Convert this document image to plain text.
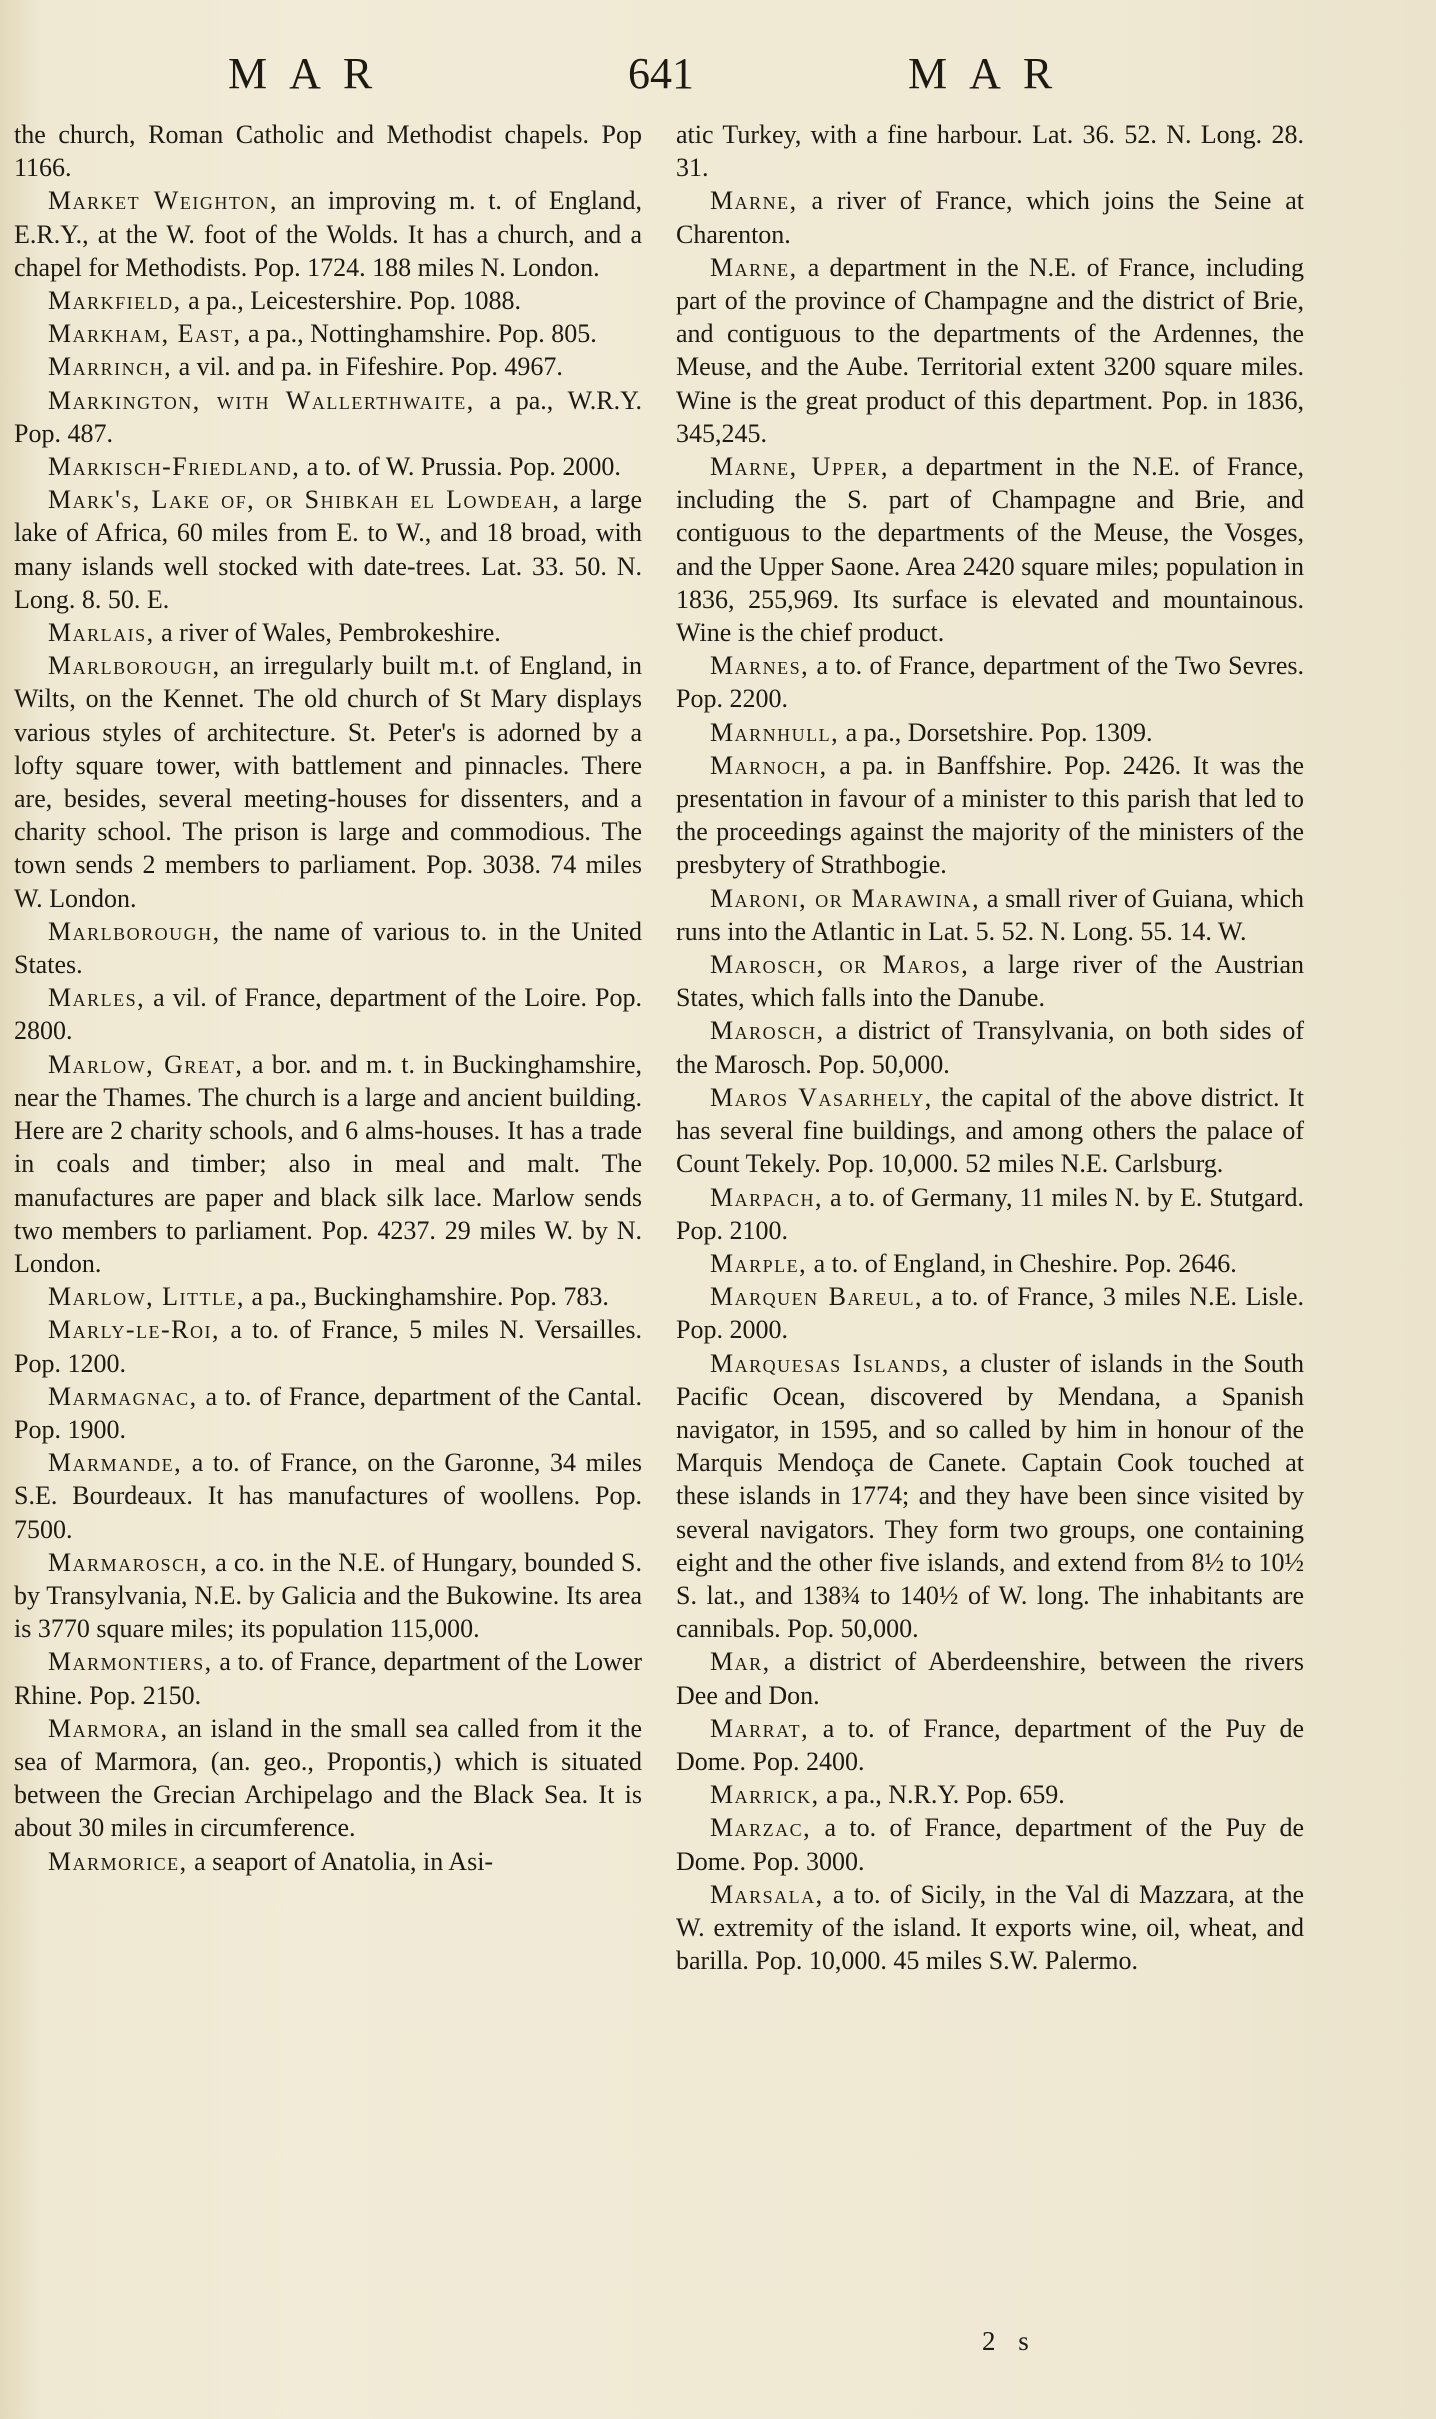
MAR	641	MAR

the church, Roman Catholic and Methodist chapels. Pop 1166.

Market Weighton, an improving m. t. of England, E.R.Y., at the W. foot of the Wolds. It has a church, and a chapel for Methodists. Pop. 1724. 188 miles N. London.

Markfield, a pa., Leicestershire. Pop. 1088.

Markham, East, a pa., Nottinghamshire. Pop. 805.

Marrinch, a vil. and pa. in Fifeshire. Pop. 4967.

Markington, with Wallerthwaite, a pa., W.R.Y. Pop. 487.

Markisch-Friedland, a to. of W. Prussia. Pop. 2000.

Mark's, Lake of, or Shibkah el Lowdeah, a large lake of Africa, 60 miles from E. to W., and 18 broad, with many islands well stocked with date-trees. Lat. 33. 50. N. Long. 8. 50. E.

Marlais, a river of Wales, Pembrokeshire.

Marlborough, an irregularly built m.t. of England, in Wilts, on the Kennet. The old church of St Mary displays various styles of architecture. St. Peter's is adorned by a lofty square tower, with battlement and pinnacles. There are, besides, several meeting-houses for dissenters, and a charity school. The prison is large and commodious. The town sends 2 members to parliament. Pop. 3038. 74 miles W. London.

Marlborough, the name of various to. in the United States.

Marles, a vil. of France, department of the Loire. Pop. 2800.

Marlow, Great, a bor. and m. t. in Buckinghamshire, near the Thames. The church is a large and ancient building. Here are 2 charity schools, and 6 alms-houses. It has a trade in coals and timber; also in meal and malt. The manufactures are paper and black silk lace. Marlow sends two members to parliament. Pop. 4237. 29 miles W. by N. London.

Marlow, Little, a pa., Buckinghamshire. Pop. 783.

Marly-le-Roi, a to. of France, 5 miles N. Versailles. Pop. 1200.

Marmagnac, a to. of France, department of the Cantal. Pop. 1900.

Marmande, a to. of France, on the Garonne, 34 miles S.E. Bourdeaux. It has manufactures of woollens. Pop. 7500.

Marmarosch, a co. in the N.E. of Hungary, bounded S. by Transylvania, N.E. by Galicia and the Bukowine. Its area is 3770 square miles; its population 115,000.

Marmontiers, a to. of France, department of the Lower Rhine. Pop. 2150.

Marmora, an island in the small sea called from it the sea of Marmora, (an. geo., Propontis,) which is situated between the Grecian Archipelago and the Black Sea. It is about 30 miles in circumference.

Marmorice, a seaport of Anatolia, in Asi-

atic Turkey, with a fine harbour. Lat. 36. 52. N. Long. 28. 31.

Marne, a river of France, which joins the Seine at Charenton.

Marne, a department in the N.E. of France, including part of the province of Champagne and the district of Brie, and contiguous to the departments of the Ardennes, the Meuse, and the Aube. Territorial extent 3200 square miles. Wine is the great product of this department. Pop. in 1836, 345,245.

Marne, Upper, a department in the N.E. of France, including the S. part of Champagne and Brie, and contiguous to the departments of the Meuse, the Vosges, and the Upper Saone. Area 2420 square miles; population in 1836, 255,969. Its surface is elevated and mountainous. Wine is the chief product.

Marnes, a to. of France, department of the Two Sevres. Pop. 2200.

Marnhull, a pa., Dorsetshire. Pop. 1309.

Marnoch, a pa. in Banffshire. Pop. 2426. It was the presentation in favour of a minister to this parish that led to the proceedings against the majority of the ministers of the presbytery of Strathbogie.

Maroni, or Marawina, a small river of Guiana, which runs into the Atlantic in Lat. 5. 52. N. Long. 55. 14. W.

Marosch, or Maros, a large river of the Austrian States, which falls into the Danube.

Marosch, a district of Transylvania, on both sides of the Marosch. Pop. 50,000.

Maros Vasarhely, the capital of the above district. It has several fine buildings, and among others the palace of Count Tekely. Pop. 10,000. 52 miles N.E. Carlsburg.

Marpach, a to. of Germany, 11 miles N. by E. Stutgard. Pop. 2100.

Marple, a to. of England, in Cheshire. Pop. 2646.

Marquen Bareul, a to. of France, 3 miles N.E. Lisle. Pop. 2000.

Marquesas Islands, a cluster of islands in the South Pacific Ocean, discovered by Mendana, a Spanish navigator, in 1595, and so called by him in honour of the Marquis Mendoça de Canete. Captain Cook touched at these islands in 1774; and they have been since visited by several navigators. They form two groups, one containing eight and the other five islands, and extend from 8½ to 10½ S. lat., and 138¾ to 140½ of W. long. The inhabitants are cannibals. Pop. 50,000.

Mar, a district of Aberdeenshire, between the rivers Dee and Don.

Marrat, a to. of France, department of the Puy de Dome. Pop. 2400.

Marrick, a pa., N.R.Y. Pop. 659.

Marzac, a to. of France, department of the Puy de Dome. Pop. 3000.

Marsala, a to. of Sicily, in the Val di Mazzara, at the W. extremity of the island. It exports wine, oil, wheat, and barilla. Pop. 10,000. 45 miles S.W. Palermo.

2 s
